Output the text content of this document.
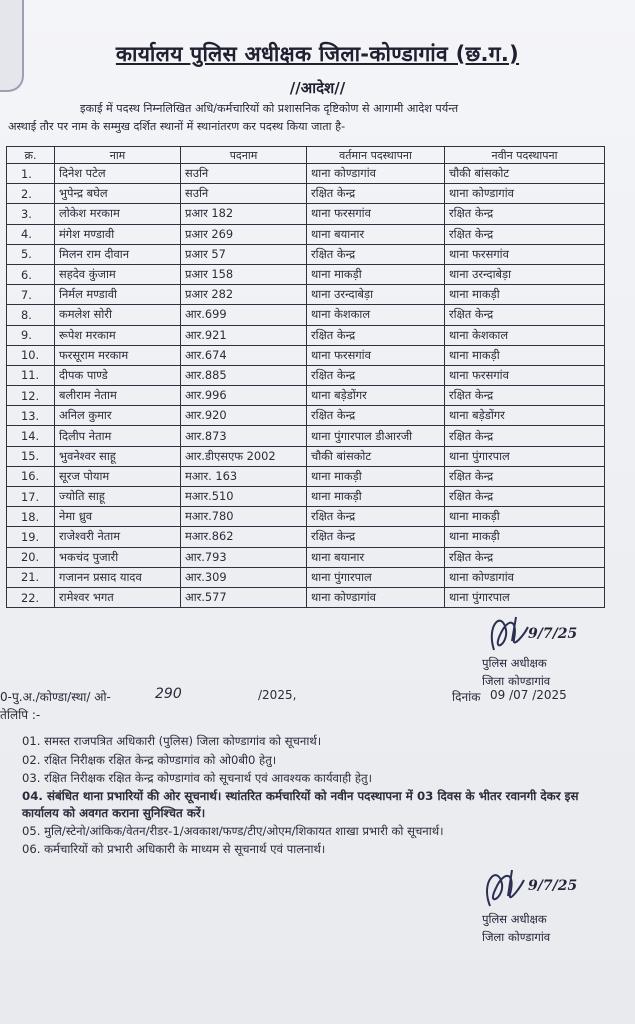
कार्यालय पुलिस अधीक्षक जिला-कोण्डागांव (छ.ग.)
//आदेश//
इकाई में पदस्थ निम्नलिखित अधि/कर्मचारियों को प्रशासनिक दृष्टिकोण से आगामी आदेश पर्यन्त
अस्थाई तौर पर नाम के सम्मुख दर्शित स्थानों में स्थानांतरण कर पदस्थ किया जाता है-
क्र.	नाम	पदनाम	वर्तमान पदस्थापना	नवीन पदस्थापना
1.	दिनेश पटेल	सउनि	थाना कोण्डागांव	चौकी बांसकोट
2.	भुपेन्द्र बघेल	सउनि	रक्षित केन्द्र	थाना कोण्डागांव
3.	लोकेश मरकाम	प्रआर 182	थाना फरसगांव	रक्षित केन्द्र
4.	मंगेश मण्डावी	प्रआर 269	थाना बयानार	रक्षित केन्द्र
5.	मिलन राम दीवान	प्रआर 57	रक्षित केन्द्र	थाना फरसगांव
6.	सहदेव कुंजाम	प्रआर 158	थाना माकड़ी	थाना उरन्दाबेड़ा
7.	निर्मल मण्डावी	प्रआर 282	थाना उरन्दाबेड़ा	थाना माकड़ी
8.	कमलेश सोरी	आर.699	थाना केशकाल	रक्षित केन्द्र
9.	रूपेश मरकाम	आर.921	रक्षित केन्द्र	थाना केशकाल
10.	फरसूराम मरकाम	आर.674	थाना फरसगांव	थाना माकड़ी
11.	दीपक पाण्डे	आर.885	रक्षित केन्द्र	थाना फरसगांव
12.	बलीराम नेताम	आर.996	थाना बड़ेडोंगर	रक्षित केन्द्र
13.	अनिल कुमार	आर.920	रक्षित केन्द्र	थाना बड़ेडोंगर
14.	दिलीप नेताम	आर.873	थाना पुंगारपाल डीआरजी	रक्षित केन्द्र
15.	भुवनेश्वर साहू	आर.डीएसएफ 2002	चौकी बांसकोट	थाना पुंगारपाल
16.	सूरज पोयाम	मआर. 163	थाना माकड़ी	रक्षित केन्द्र
17.	ज्योति साहू	मआर.510	थाना माकड़ी	रक्षित केन्द्र
18.	नेमा ध्रुव	मआर.780	रक्षित केन्द्र	थाना माकड़ी
19.	राजेश्वरी नेताम	मआर.862	रक्षित केन्द्र	थाना माकड़ी
20.	भकचंद पुजारी	आर.793	थाना बयानार	रक्षित केन्द्र
21.	गजानन प्रसाद यादव	आर.309	थाना पुंगारपाल	थाना कोण्डागांव
22.	रामेश्वर भगत	आर.577	थाना कोण्डागांव	थाना पुंगारपाल
9/7/25
पुलिस अधीक्षक
जिला कोण्डागांव
0-पु.अ./कोण्डा/स्था/ ओ-	290	/2025,	दिनांक 09 /07 /2025
तेलिपि :-
01. समस्त राजपत्रित अधिकारी (पुलिस) जिला कोण्डागांव को सूचनार्थ।
02. रक्षित निरीक्षक रक्षित केन्द्र कोण्डागांव को ओ0बी0 हेतु।
03. रक्षित निरीक्षक रक्षित केन्द्र कोण्डागांव को सूचनार्थ एवं आवश्यक कार्यवाही हेतु।
04. संबंधित थाना प्रभारियों की ओर सूचनार्थ। स्थांतरित कर्मचारियों को नवीन पदस्थापना में 03 दिवस के भीतर रवानगी देकर इस कार्यालय को अवगत कराना सुनिश्चित करें।
05. मुलि/स्टेनो/आंकिक/वेतन/रीडर-1/अवकाश/फण्ड/टीए/ओएम/शिकायत शाखा प्रभारी को सूचनार्थ।
06. कर्मचारियों को प्रभारी अधिकारी के माध्यम से सूचनार्थ एवं पालनार्थ।
9/7/25
पुलिस अधीक्षक
जिला कोण्डागांव
